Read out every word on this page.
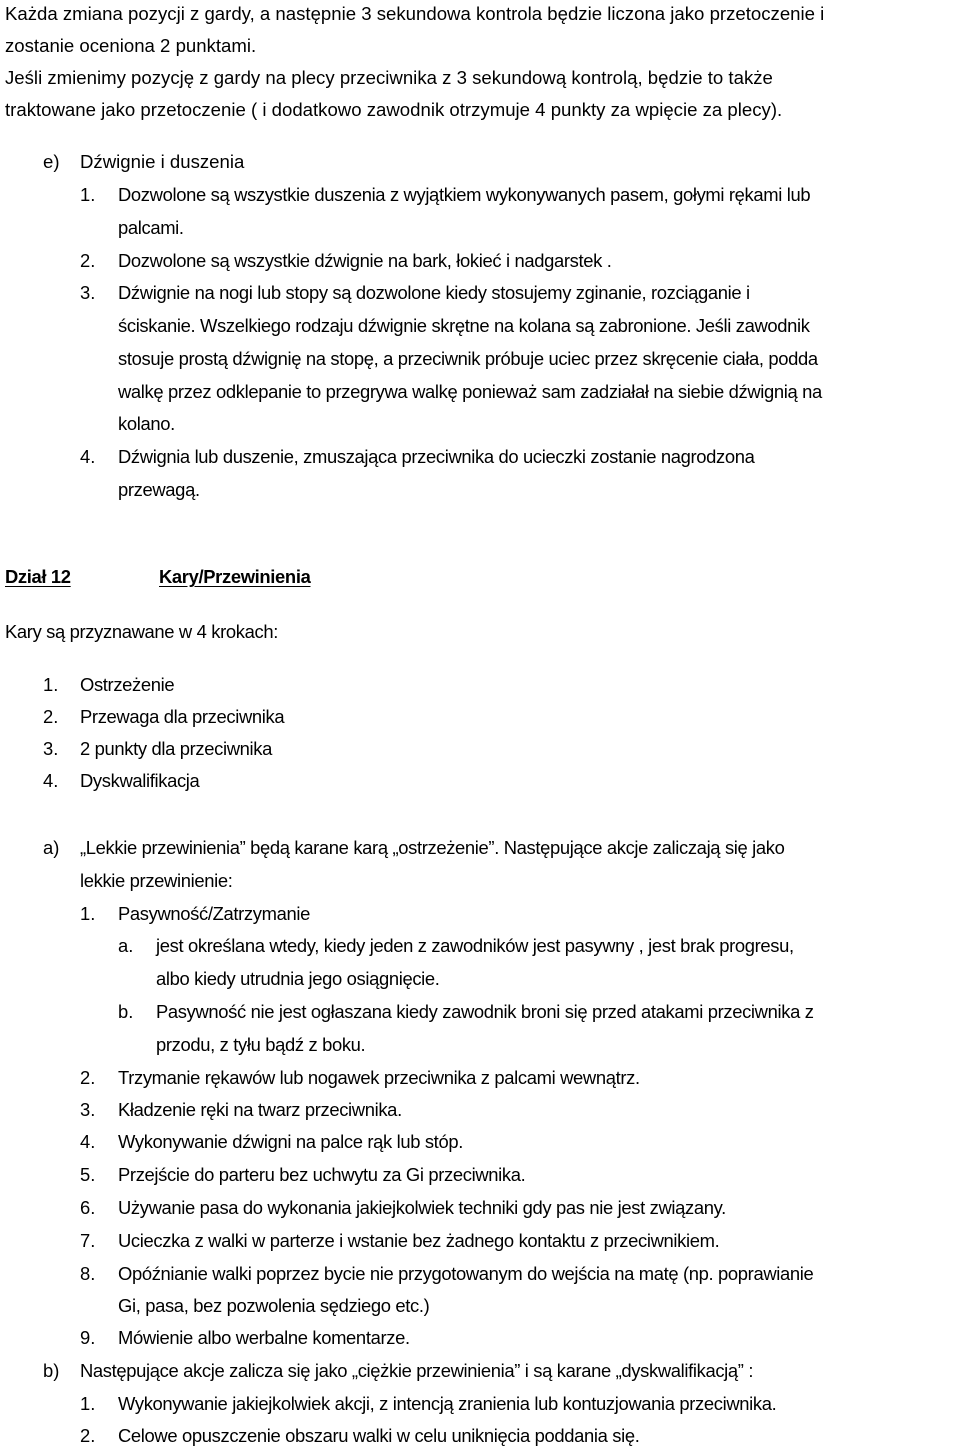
Każda zmiana pozycji z gardy, a następnie 3 sekundowa kontrola będzie liczona jako przetoczenie i
zostanie oceniona 2 punktami.
Jeśli zmienimy pozycję z gardy na plecy przeciwnika z 3 sekundową kontrolą, będzie to także
traktowane jako przetoczenie ( i dodatkowo zawodnik otrzymuje 4 punkty za wpięcie za plecy).
e) Dźwignie i duszenia
1. Dozwolone są wszystkie duszenia z wyjątkiem wykonywanych pasem, gołymi rękami lub
palcami.
2. Dozwolone są wszystkie dźwignie na bark, łokieć i nadgarstek .
3. Dźwignie na nogi lub stopy są dozwolone kiedy stosujemy zginanie, rozciąganie i
ściskanie. Wszelkiego rodzaju dźwignie skrętne na kolana są zabronione. Jeśli zawodnik
stosuje prostą dźwignię na stopę, a przeciwnik próbuje uciec przez skręcenie ciała, podda
walkę przez odklepanie to przegrywa walkę ponieważ sam zadziałał na siebie dźwignią na
kolano.
4. Dźwignia lub duszenie, zmuszająca przeciwnika do ucieczki zostanie nagrodzona
przewagą.
Dział 12	Kary/Przewinienia
Kary są przyznawane w 4 krokach:
1. Ostrzeżenie
2. Przewaga dla przeciwnika
3. 2 punkty dla przeciwnika
4. Dyskwalifikacja
a) „Lekkie przewinienia” będą karane karą „ostrzeżenie”. Następujące akcje zaliczają się jako
lekkie przewinienie:
1. Pasywność/Zatrzymanie
a. jest określana wtedy, kiedy jeden z zawodników jest pasywny , jest brak progresu,
albo kiedy utrudnia jego osiągnięcie.
b. Pasywność nie jest ogłaszana kiedy zawodnik broni się przed atakami przeciwnika z
przodu, z tyłu bądź z boku.
2. Trzymanie rękawów lub nogawek przeciwnika z palcami wewnątrz.
3. Kładzenie ręki na twarz przeciwnika.
4. Wykonywanie dźwigni na palce rąk lub stóp.
5. Przejście do parteru bez uchwytu za Gi przeciwnika.
6. Używanie pasa do wykonania jakiejkolwiek techniki gdy pas nie jest związany.
7. Ucieczka z walki w parterze i wstanie bez żadnego kontaktu z przeciwnikiem.
8. Opóźnianie walki poprzez bycie nie przygotowanym do wejścia na matę (np. poprawianie
Gi, pasa, bez pozwolenia sędziego etc.)
9. Mówienie albo werbalne komentarze.
b) Następujące akcje zalicza się jako „ciężkie przewinienia” i są karane „dyskwalifikacją” :
1. Wykonywanie jakiejkolwiek akcji, z intencją zranienia lub kontuzjowania przeciwnika.
2. Celowe opuszczenie obszaru walki w celu uniknięcia poddania się.
